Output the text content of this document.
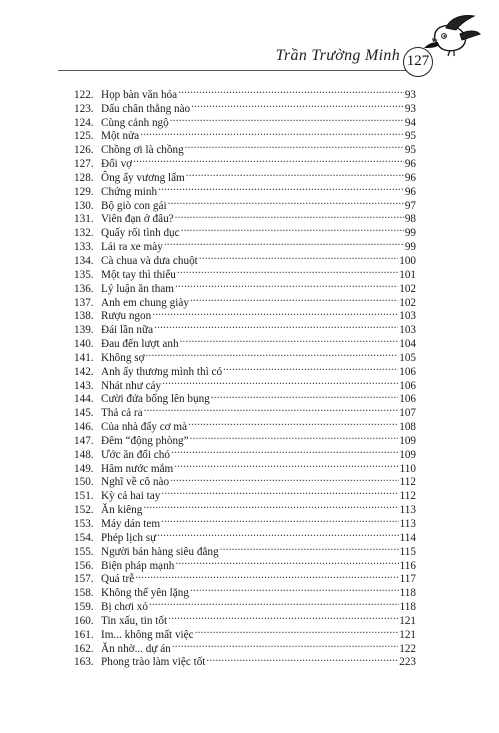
Trần Trường Minh 127
122. Họp bàn văn hóa .....	93
123. Dấu chân thằng nào .....	93
124. Cùng cảnh ngộ .....	94
125. Một nửa .....	95
126. Chồng ơi là chồng .....	95
127. Đổi vợ .....	96
128. Ông ấy vương lấm .....	96
129. Chứng minh .....	96
130. Bộ giò con gái .....	97
131. Viên đạn ở đâu? .....	98
132. Quấy rối tình dục .....	99
133. Lái ra xe mày .....	99
134. Cà chua và dưa chuột .....	100
135. Một tay thì thiếu .....	101
136. Lý luận ăn tham .....	102
137. Anh em chung giày .....	102
138. Rượu ngon .....	103
139. Đái lần nữa .....	103
140. Đau đến lượt anh .....	104
141. Không sợ .....	105
142. Anh ấy thương mình thì có .....	106
143. Nhát như cáy .....	106
144. Cười đứa bổng lên bụng .....	106
145. Thả cả ra .....	107
146. Của nhà đấy cơ mà .....	108
147. Đêm “động phòng” .....	109
148. Ước ăn đổi chó .....	109
149. Hâm nước mắm .....	110
150. Nghĩ về cô nào .....	112
151. Kỳ cả hai tay .....	112
152. Ăn kiêng .....	113
153. Máy dán tem .....	113
154. Phép lịch sự .....	114
155. Người bán hàng siêu đẳng .....	115
156. Biện pháp mạnh .....	116
157. Quá trễ .....	117
158. Không thể yên lặng .....	118
159. Bị chơi xỏ .....	118
160. Tin xấu, tin tốt .....	121
161. Im... không mất việc .....	121
162. Ăn nhờ... dự án .....	122
163. Phong trào làm việc tốt .....	223
